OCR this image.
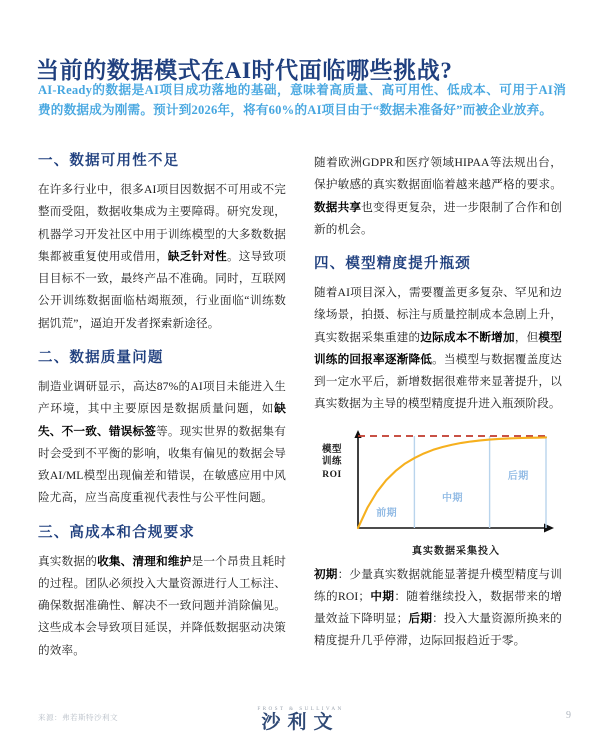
当前的数据模式在AI时代面临哪些挑战?
AI-Ready的数据是AI项目成功落地的基础，意味着高质量、高可用性、低成本、可用于AI消费的数据成为刚需。预计到2026年，将有60%的AI项目由于“数据未准备好”而被企业放弃。
一、数据可用性不足

在许多行业中，很多AI项目因数据不可用或不完整而受阻，数据收集成为主要障碍。研究发现，机器学习开发社区中用于训练模型的大多数数据集都被重复使用或借用，缺乏针对性。这导致项目目标不一致，最终产品不准确。同时，互联网公开训练数据面临枯竭瓶颈，行业面临“训练数据饥荒”，逼迫开发者探索新途径。

二、数据质量问题

制造业调研显示，高达87%的AI项目未能进入生产环境，其中主要原因是数据质量问题，如缺失、不一致、错误标签等。现实世界的数据集有时会受到不平衡的影响，收集有偏见的数据会导致AI/ML模型出现偏差和错误，在敏感应用中风险尤高，应当高度重视代表性与公平性问题。

三、高成本和合规要求

真实数据的收集、清理和维护是一个昂贵且耗时的过程。团队必须投入大量资源进行人工标注、确保数据准确性、解决不一致问题并消除偏见。这些成本会导致项目延误，并降低数据驱动决策的效率。

随着欧洲GDPR和医疗领域HIPAA等法规出台，保护敏感的真实数据面临着越来越严格的要求。数据共享也变得更复杂，进一步限制了合作和创新的机会。

四、模型精度提升瓶颈

随着AI项目深入，需要覆盖更多复杂、罕见和边缘场景，拍摄、标注与质量控制成本急剧上升，真实数据采集重建的边际成本不断增加，但模型训练的回报率逐渐降低。当模型与数据覆盖度达到一定水平后，新增数据很难带来显著提升，以真实数据为主导的模型精度提升进入瓶颈阶段。

模型
训练
ROI
前期
中期
后期
真实数据采集投入

初期：少量真实数据就能显著提升模型精度与训练的ROI；中期：随着继续投入，数据带来的增量效益下降明显；后期：投入大量资源所换来的精度提升几乎停滞，边际回报趋近于零。

来源：弗若斯特沙利文
FROST & SULLIVAN
沙利文	9
